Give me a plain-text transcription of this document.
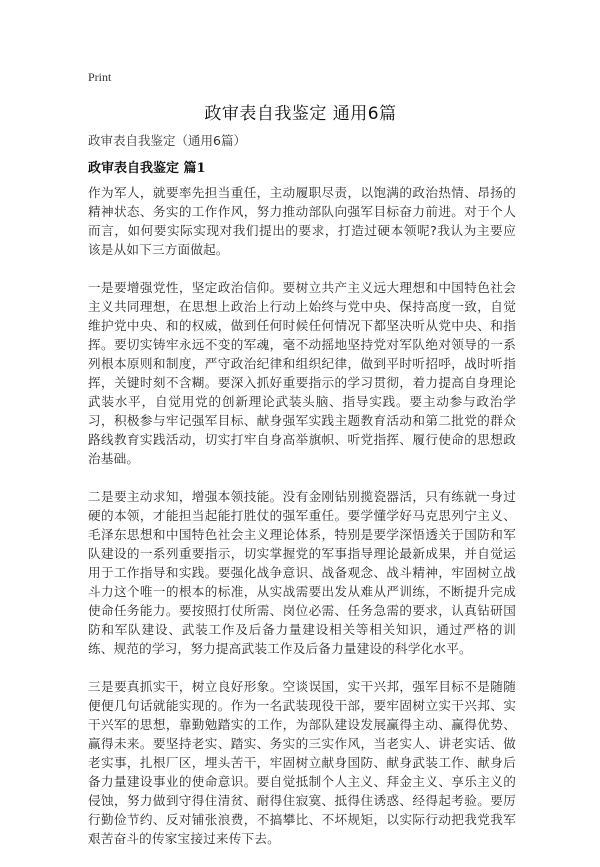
Print
政审表自我鉴定 通用6篇
政审表自我鉴定（通用6篇）
政审表自我鉴定 篇1

作为军人，就要率先担当重任，主动履职尽责，以饱满的政治热情、昂扬的精神状态、务实的工作作风，努力推动部队向强军目标奋力前进。对于个人而言，如何要实际实现对我们提出的要求，打造过硬本领呢?我认为主要应该是从如下三方面做起。

一是要增强党性，坚定政治信仰。要树立共产主义远大理想和中国特色社会主义共同理想，在思想上政治上行动上始终与党中央、保持高度一致，自觉维护党中央、和的权威，做到任何时候任何情况下都坚决听从党中央、和指挥。要切实铸牢永远不变的军魂，毫不动摇地坚持党对军队绝对领导的一系列根本原则和制度，严守政治纪律和组织纪律，做到平时听招呼，战时听指挥，关键时刻不含糊。要深入抓好重要指示的学习贯彻，着力提高自身理论武装水平，自觉用党的创新理论武装头脑、指导实践。要主动参与政治学习，积极参与牢记强军目标、献身强军实践主题教育活动和第二批党的群众路线教育实践活动，切实打牢自身高举旗帜、听党指挥、履行使命的思想政治基础。

二是要主动求知，增强本领技能。没有金刚钻别揽瓷器活，只有练就一身过硬的本领，才能担当起能打胜仗的强军重任。要学懂学好马克思列宁主义、毛泽东思想和中国特色社会主义理论体系，特别是要学深悟透关于国防和军队建设的一系列重要指示，切实掌握党的军事指导理论最新成果，并自觉运用于工作指导和实践。要强化战争意识、战备观念、战斗精神，牢固树立战斗力这个唯一的根本的标准，从实战需要出发从难从严训练，不断提升完成使命任务能力。要按照打仗所需、岗位必需、任务急需的要求，认真钻研国防和军队建设、武装工作及后备力量建设相关等相关知识，通过严格的训练、规范的学习，努力提高武装工作及后备力量建设的科学化水平。

三是要真抓实干，树立良好形象。空谈误国，实干兴邦，强军目标不是随随便便几句话就能实现的。作为一名武装现役干部，要牢固树立实干兴邦、实干兴军的思想，靠勤勉踏实的工作，为部队建设发展赢得主动、赢得优势、赢得未来。要坚持老实、踏实、务实的三实作风，当老实人、讲老实话、做老实事，扎根厂区，埋头苦干，牢固树立献身国防、献身武装工作、献身后备力量建设事业的使命意识。要自觉抵制个人主义、拜金主义、享乐主义的侵蚀，努力做到守得住清贫、耐得住寂寞、抵得住诱惑、经得起考验。要厉行勤俭节约、反对铺张浪费，不搞攀比、不坏规矩，以实际行动把我党我军艰苦奋斗的传家宝接过来传下去。
